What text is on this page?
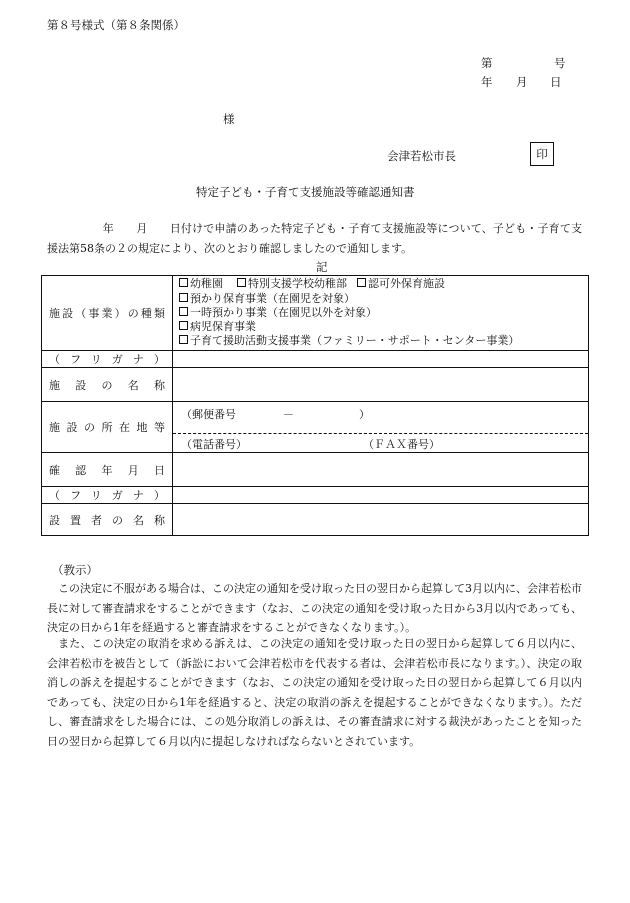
第８号様式（第８条関係）
第	号
年 月 日
様
会津若松市長	印
特定子ども・子育て支援施設等確認通知書
　　　　　年　　月　　日付けで申請のあった特定子ども・子育て支援施設等について、子ども・子育て支援法第58条の２の規定により、次のとおり確認しましたので通知します。
記
施設（事業）の種類	幼稚園 特別支援学校幼稚部 認可外保育施設
預かり保育事業（在園児を対象）
一時預かり事業（在園児以外を対象）
病児保育事業
子育て援助活動支援事業（ファミリー・サポート・センター事業）

（フリガナ）	
施設の名称	
施設の所在地等	（郵便番号 － ）
（電話番号） （ＦＡＸ番号）

確認年月日	
（フリガナ）	
設置者の名称	
（教示）
　この決定に不服がある場合は、この決定の通知を受け取った日の翌日から起算して3月以内に、会津若松市長に対して審査請求をすることができます（なお、この決定の通知を受け取った日から3月以内であっても、決定の日から1年を経過すると審査請求をすることができなくなります。）。
　また、この決定の取消を求める訴えは、この決定の通知を受け取った日の翌日から起算して６月以内に、会津若松市を被告として（訴訟において会津若松市を代表する者は、会津若松市長になります。）、決定の取消しの訴えを提起することができます（なお、この決定の通知を受け取った日の翌日から起算して６月以内であっても、決定の日から1年を経過すると、決定の取消の訴えを提起することができなくなります。）。ただし、審査請求をした場合には、この処分取消しの訴えは、その審査請求に対する裁決があったことを知った日の翌日から起算して６月以内に提起しなければならないとされています。
